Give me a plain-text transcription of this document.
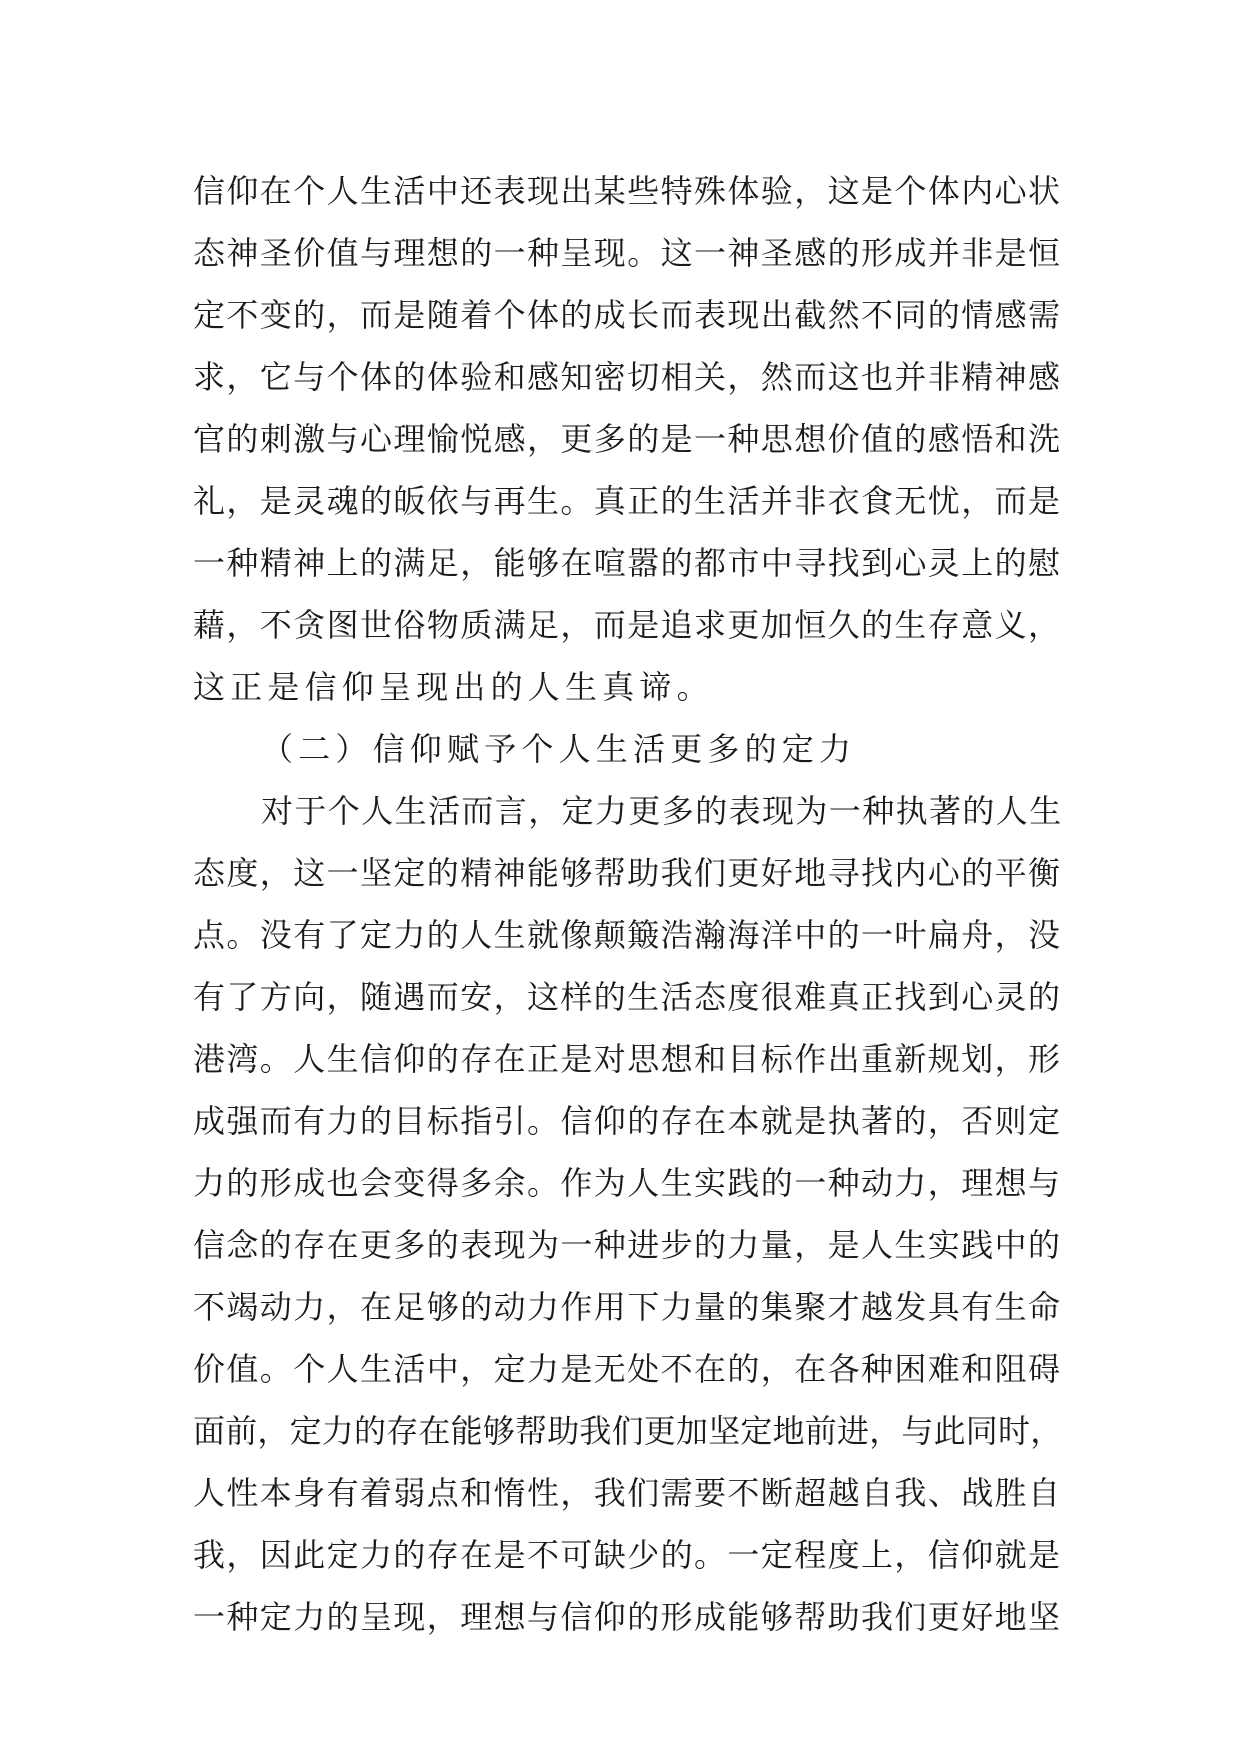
信仰在个人生活中还表现出某些特殊体验，这是个体内心状
态神圣价值与理想的一种呈现。这一神圣感的形成并非是恒
定不变的，而是随着个体的成长而表现出截然不同的情感需
求，它与个体的体验和感知密切相关，然而这也并非精神感
官的刺激与心理愉悦感，更多的是一种思想价值的感悟和洗
礼，是灵魂的皈依与再生。真正的生活并非衣食无忧，而是
一种精神上的满足，能够在喧嚣的都市中寻找到心灵上的慰
藉，不贪图世俗物质满足，而是追求更加恒久的生存意义，
这正是信仰呈现出的人生真谛。
（二）信仰赋予个人生活更多的定力
对于个人生活而言，定力更多的表现为一种执著的人生
态度，这一坚定的精神能够帮助我们更好地寻找内心的平衡
点。没有了定力的人生就像颠簸浩瀚海洋中的一叶扁舟，没
有了方向，随遇而安，这样的生活态度很难真正找到心灵的
港湾。人生信仰的存在正是对思想和目标作出重新规划，形
成强而有力的目标指引。信仰的存在本就是执著的，否则定
力的形成也会变得多余。作为人生实践的一种动力，理想与
信念的存在更多的表现为一种进步的力量，是人生实践中的
不竭动力，在足够的动力作用下力量的集聚才越发具有生命
价值。个人生活中，定力是无处不在的，在各种困难和阻碍
面前，定力的存在能够帮助我们更加坚定地前进，与此同时，
人性本身有着弱点和惰性，我们需要不断超越自我、战胜自
我，因此定力的存在是不可缺少的。一定程度上，信仰就是
一种定力的呈现，理想与信仰的形成能够帮助我们更好地坚
